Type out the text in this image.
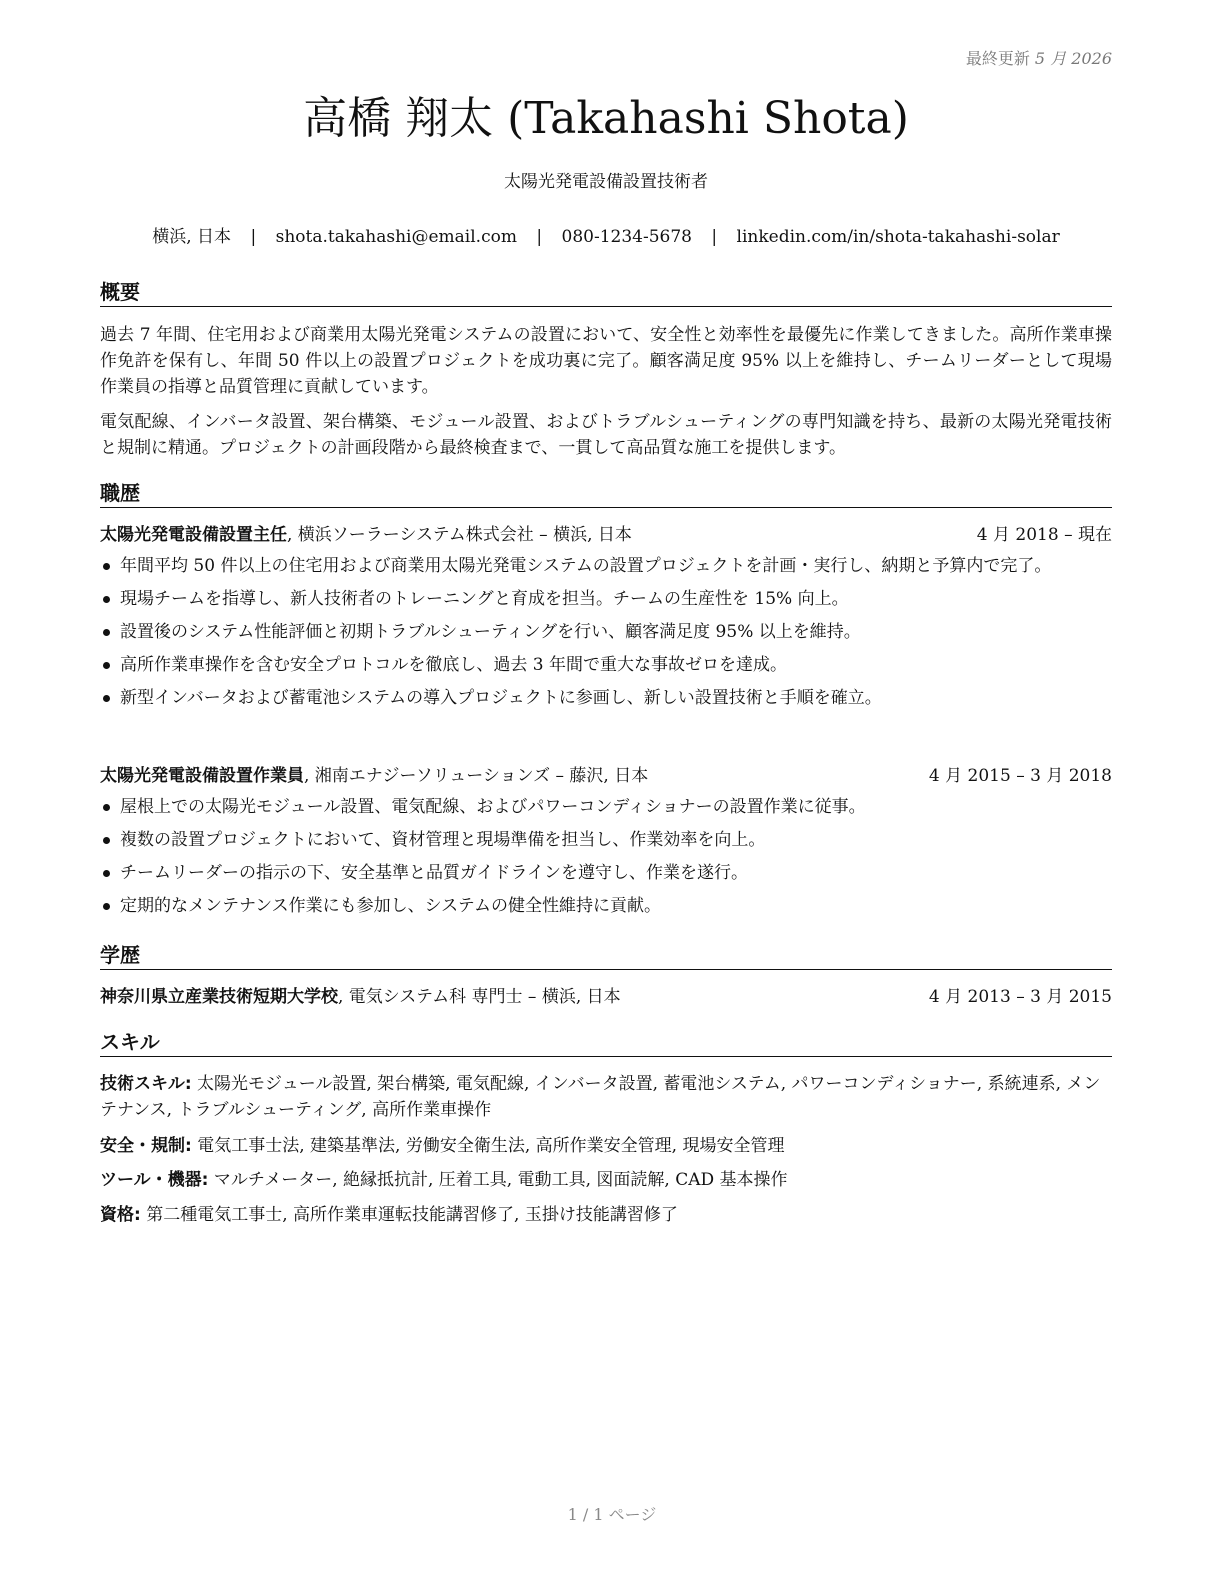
最終更新 5 月 2026
高橋 翔太 (Takahashi Shota)
太陽光発電設備設置技術者
横浜, 日本 | shota.takahashi@email.com | 080-1234-5678 | linkedin.com/in/shota-takahashi-solar
概要
過去 7 年間、住宅用および商業用太陽光発電システムの設置において、安全性と効率性を最優先に作業してきました。高所作業車操作免許を保有し、年間 50 件以上の設置プロジェクトを成功裏に完了。顧客満足度 95% 以上を維持し、チームリーダーとして現場作業員の指導と品質管理に貢献しています。
電気配線、インバータ設置、架台構築、モジュール設置、およびトラブルシューティングの専門知識を持ち、最新の太陽光発電技術と規制に精通。プロジェクトの計画段階から最終検査まで、一貫して高品質な施工を提供します。
職歴
太陽光発電設備設置主任, 横浜ソーラーシステム株式会社 – 横浜, 日本	4 月 2018 – 現在
年間平均 50 件以上の住宅用および商業用太陽光発電システムの設置プロジェクトを計画・実行し、納期と予算内で完了。
現場チームを指導し、新人技術者のトレーニングと育成を担当。チームの生産性を 15% 向上。
設置後のシステム性能評価と初期トラブルシューティングを行い、顧客満足度 95% 以上を維持。
高所作業車操作を含む安全プロトコルを徹底し、過去 3 年間で重大な事故ゼロを達成。
新型インバータおよび蓄電池システムの導入プロジェクトに参画し、新しい設置技術と手順を確立。
太陽光発電設備設置作業員, 湘南エナジーソリューションズ – 藤沢, 日本	4 月 2015 – 3 月 2018
屋根上での太陽光モジュール設置、電気配線、およびパワーコンディショナーの設置作業に従事。
複数の設置プロジェクトにおいて、資材管理と現場準備を担当し、作業効率を向上。
チームリーダーの指示の下、安全基準と品質ガイドラインを遵守し、作業を遂行。
定期的なメンテナンス作業にも参加し、システムの健全性維持に貢献。
学歴
神奈川県立産業技術短期大学校, 電気システム科 専門士 – 横浜, 日本	4 月 2013 – 3 月 2015
スキル
技術スキル: 太陽光モジュール設置, 架台構築, 電気配線, インバータ設置, 蓄電池システム, パワーコンディショナー, 系統連系, メンテナンス, トラブルシューティング, 高所作業車操作
安全・規制: 電気工事士法, 建築基準法, 労働安全衛生法, 高所作業安全管理, 現場安全管理
ツール・機器: マルチメーター, 絶縁抵抗計, 圧着工具, 電動工具, 図面読解, CAD 基本操作
資格: 第二種電気工事士, 高所作業車運転技能講習修了, 玉掛け技能講習修了
1 / 1 ページ
